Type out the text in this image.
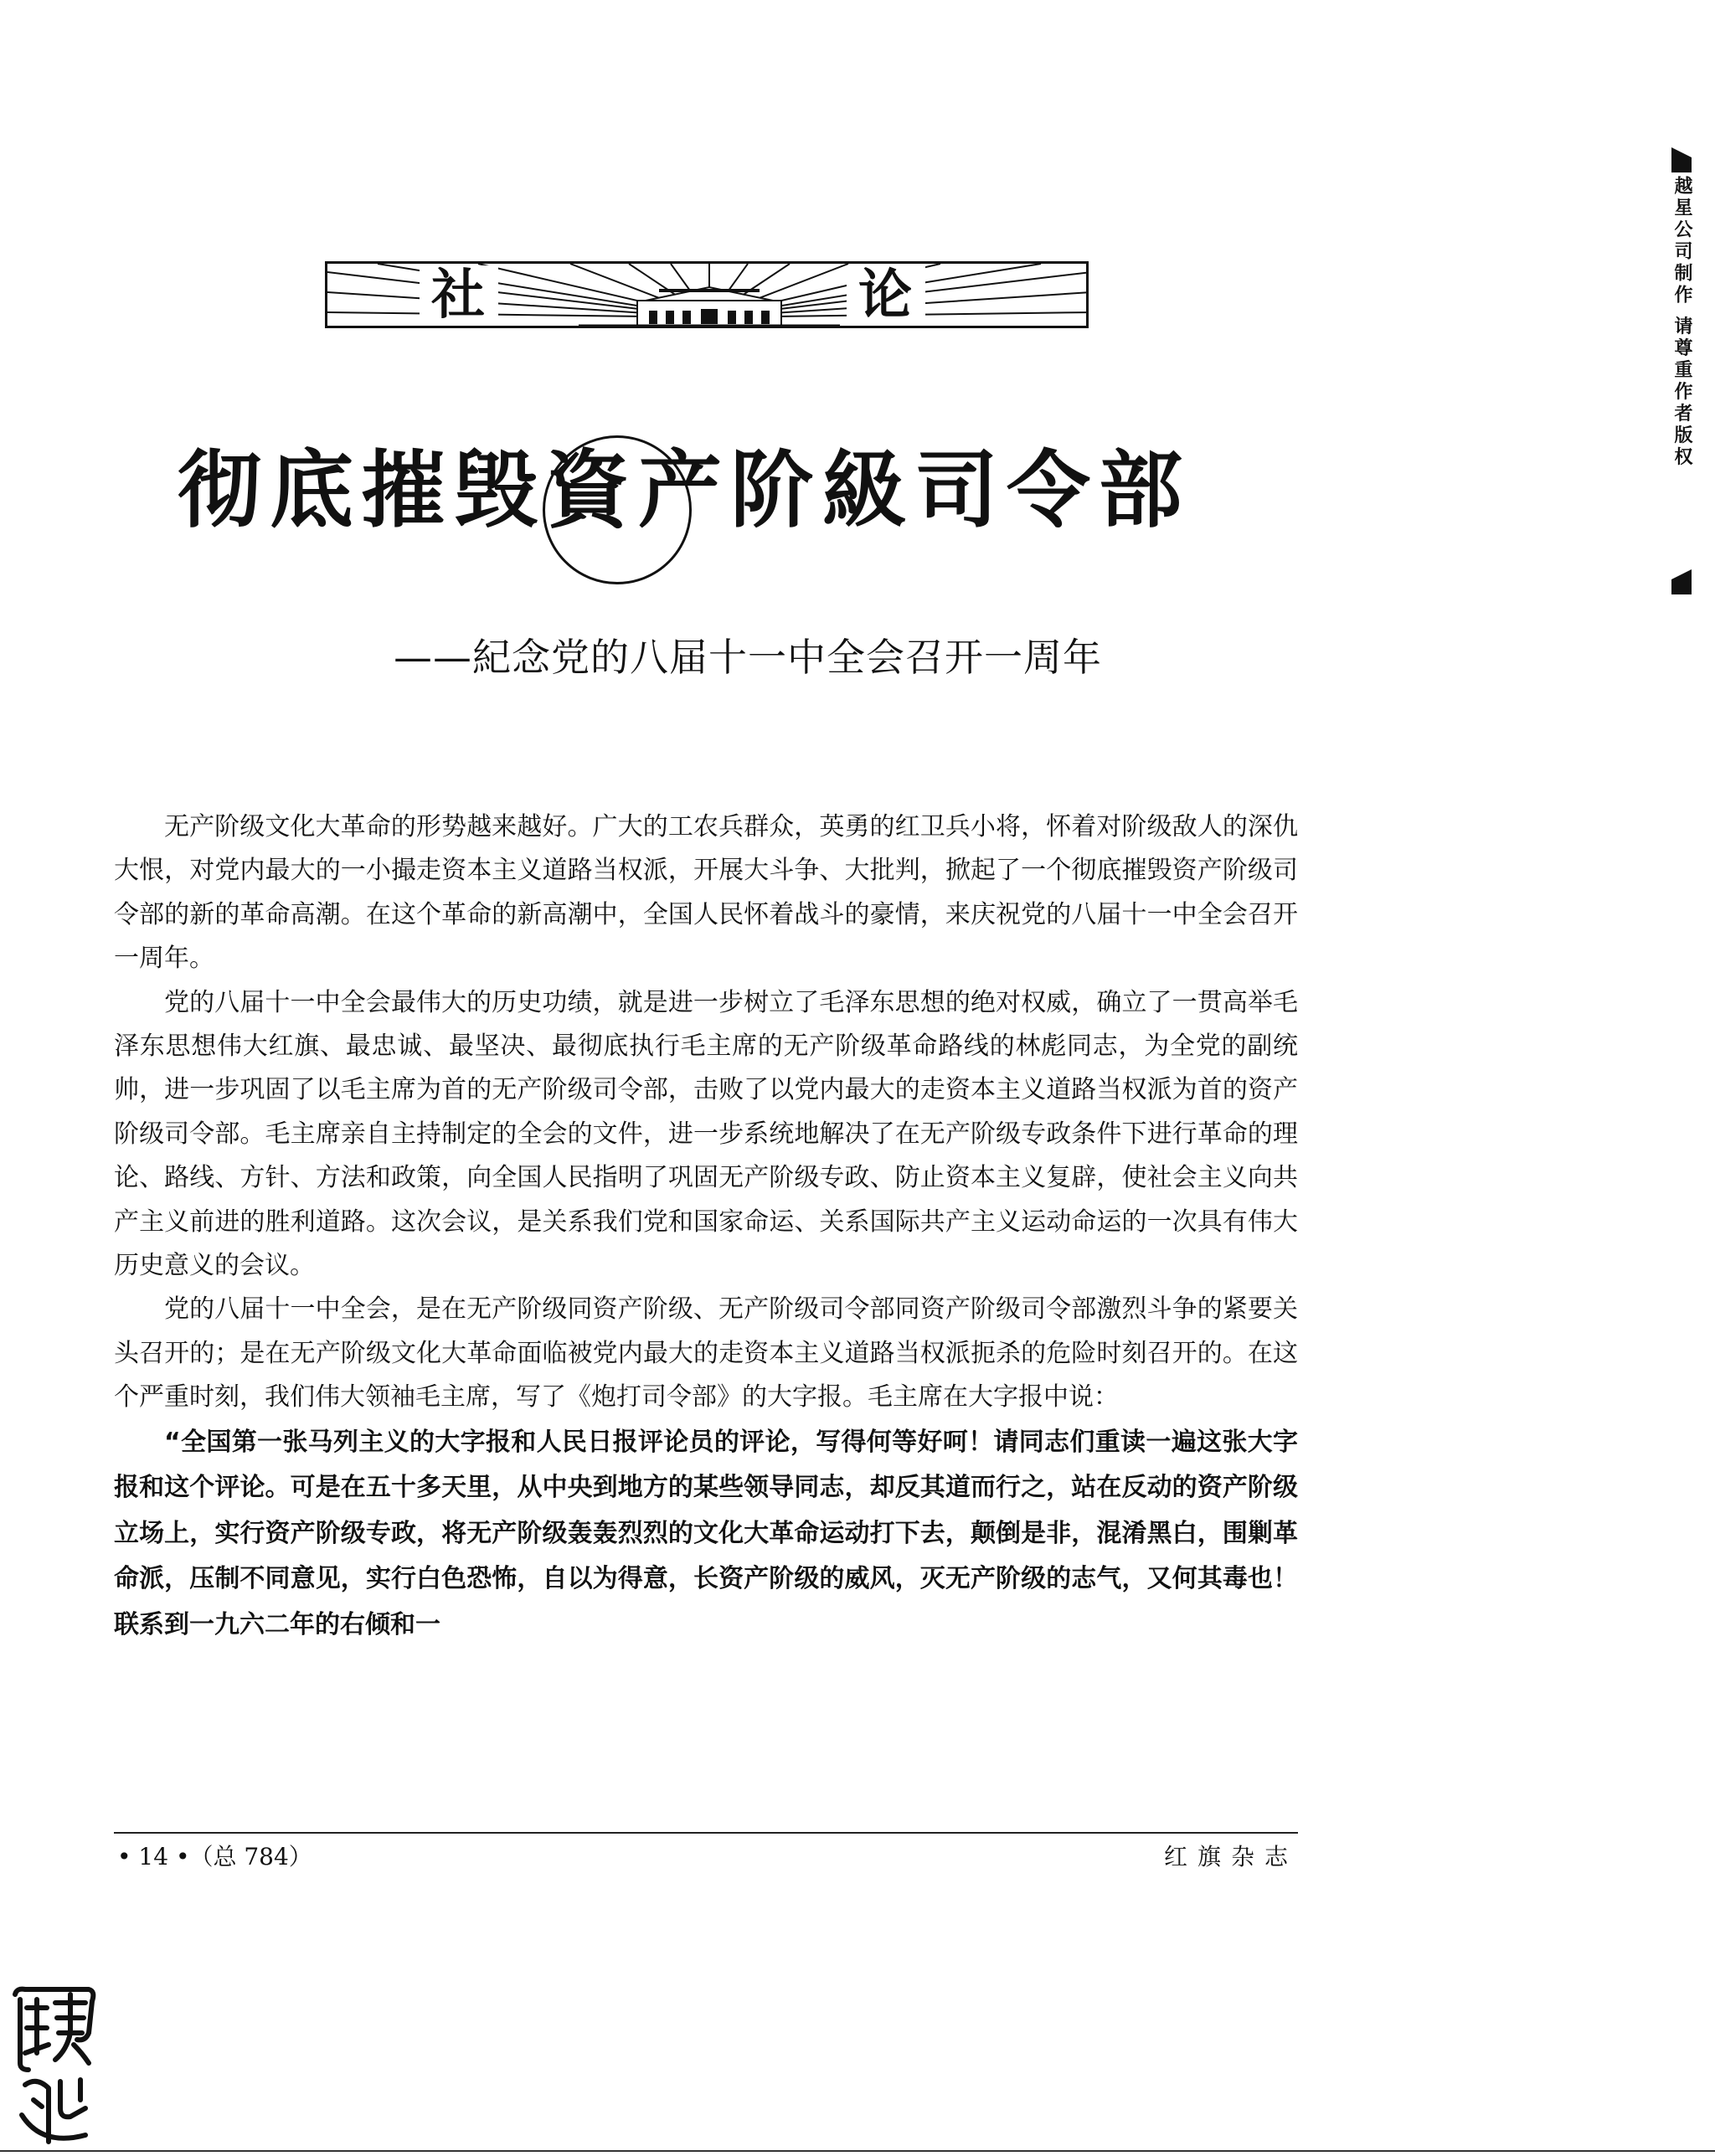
社	论
彻底摧毁資产阶級司令部
——紀念党的八届十一中全会召开一周年

无产阶级文化大革命的形势越来越好。广大的工农兵群众，英勇的红卫兵小将，怀着对阶级敌人的深仇大恨，对党内最大的一小撮走资本主义道路当权派，开展大斗争、大批判，掀起了一个彻底摧毁资产阶级司令部的新的革命高潮。在这个革命的新高潮中，全国人民怀着战斗的豪情，来庆祝党的八届十一中全会召开一周年。

党的八届十一中全会最伟大的历史功绩，就是进一步树立了毛泽东思想的绝对权威，确立了一贯高举毛泽东思想伟大红旗、最忠诚、最坚决、最彻底执行毛主席的无产阶级革命路线的林彪同志，为全党的副统帅，进一步巩固了以毛主席为首的无产阶级司令部，击败了以党内最大的走资本主义道路当权派为首的资产阶级司令部。毛主席亲自主持制定的全会的文件，进一步系统地解决了在无产阶级专政条件下进行革命的理论、路线、方针、方法和政策，向全国人民指明了巩固无产阶级专政、防止资本主义复辟，使社会主义向共产主义前进的胜利道路。这次会议，是关系我们党和国家命运、关系国际共产主义运动命运的一次具有伟大历史意义的会议。

党的八届十一中全会，是在无产阶级同资产阶级、无产阶级司令部同资产阶级司令部激烈斗争的紧要关头召开的；是在无产阶级文化大革命面临被党内最大的走资本主义道路当权派扼杀的危险时刻召开的。在这个严重时刻，我们伟大领袖毛主席，写了《炮打司令部》的大字报。毛主席在大字报中说：

“全国第一张马列主义的大字报和人民日报评论员的评论，写得何等好呵！请同志们重读一遍这张大字报和这个评论。可是在五十多天里，从中央到地方的某些领导同志，却反其道而行之，站在反动的资产阶级立场上，实行资产阶级专政，将无产阶级轰轰烈烈的文化大革命运动打下去，颠倒是非，混淆黑白，围剿革命派，压制不同意见，实行白色恐怖，自以为得意，长资产阶级的威风，灭无产阶级的志气，又何其毒也！联系到一九六二年的右倾和一

• 14 •（总 784）	红旗杂志
越星公司制作 请尊重作者版权
